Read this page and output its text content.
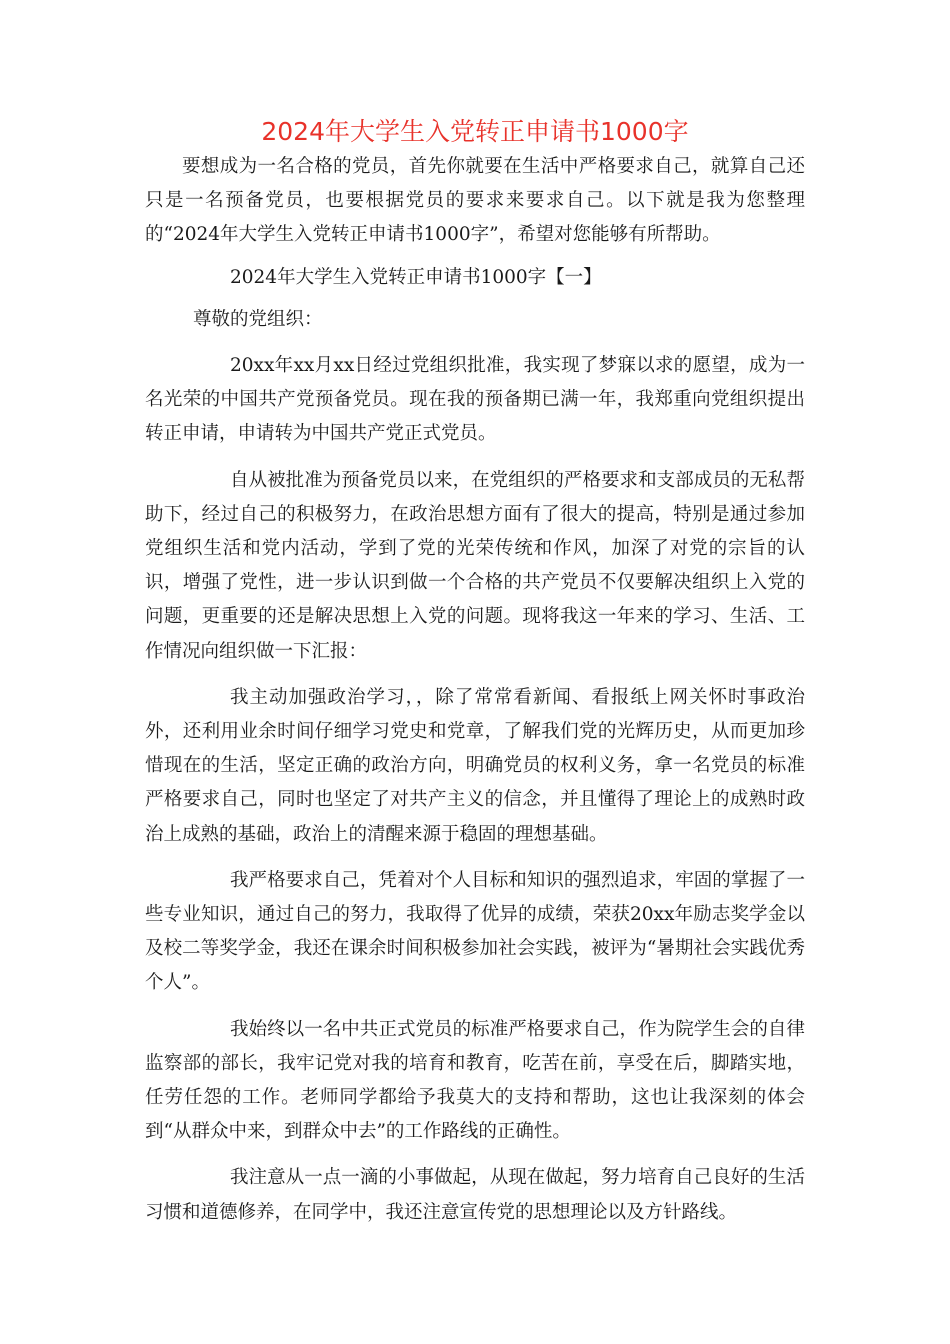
2024年大学生入党转正申请书1000字

要想成为一名合格的党员，首先你就要在生活中严格要求自己，就算自己还只是一名预备党员，也要根据党员的要求来要求自己。以下就是我为您整理的“2024年大学生入党转正申请书1000字”，希望对您能够有所帮助。

2024年大学生入党转正申请书1000字【一】

尊敬的党组织：

20xx年xx月xx日经过党组织批准，我实现了梦寐以求的愿望，成为一名光荣的中国共产党预备党员。现在我的预备期已满一年，我郑重向党组织提出转正申请，申请转为中国共产党正式党员。

自从被批准为预备党员以来，在党组织的严格要求和支部成员的无私帮助下，经过自己的积极努力，在政治思想方面有了很大的提高，特别是通过参加党组织生活和党内活动，学到了党的光荣传统和作风，加深了对党的宗旨的认识，增强了党性，进一步认识到做一个合格的共产党员不仅要解决组织上入党的问题，更重要的还是解决思想上入党的问题。现将我这一年来的学习、生活、工作情况向组织做一下汇报：

我主动加强政治学习，，除了常常看新闻、看报纸上网关怀时事政治外，还利用业余时间仔细学习党史和党章，了解我们党的光辉历史，从而更加珍惜现在的生活，坚定正确的政治方向，明确党员的权利义务，拿一名党员的标准严格要求自己，同时也坚定了对共产主义的信念，并且懂得了理论上的成熟时政治上成熟的基础，政治上的清醒来源于稳固的理想基础。

我严格要求自己，凭着对个人目标和知识的强烈追求，牢固的掌握了一些专业知识，通过自己的努力，我取得了优异的成绩，荣获20xx年励志奖学金以及校二等奖学金，我还在课余时间积极参加社会实践，被评为“暑期社会实践优秀个人”。

我始终以一名中共正式党员的标准严格要求自己，作为院学生会的自律监察部的部长，我牢记党对我的培育和教育，吃苦在前，享受在后，脚踏实地，任劳任怨的工作。老师同学都给予我莫大的支持和帮助，这也让我深刻的体会到“从群众中来，到群众中去”的工作路线的正确性。

我注意从一点一滴的小事做起，从现在做起，努力培育自己良好的生活习惯和道德修养，在同学中，我还注意宣传党的思想理论以及方针路线。
